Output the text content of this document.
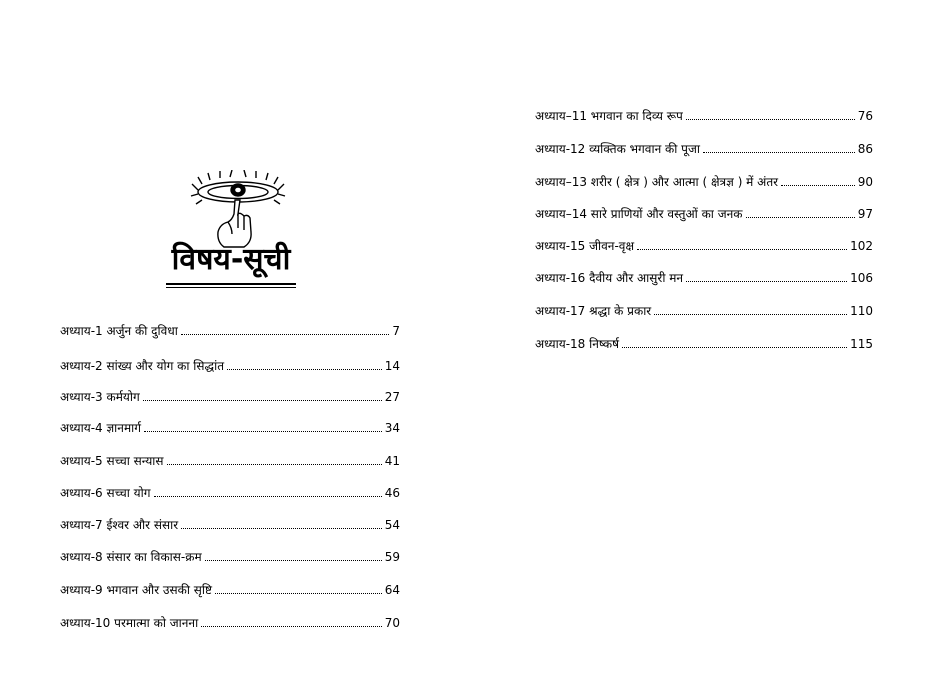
विषय-सूची
अध्याय-1 अर्जुन की दुविधा	7
अध्याय-2 सांख्य और योग का सिद्धांत	14
अध्याय-3 कर्मयोग	27
अध्याय-4 ज्ञानमार्ग	34
अध्याय-5 सच्चा सन्यास	41
अध्याय-6 सच्चा योग	46
अध्याय-7 ईश्वर और संसार	54
अध्याय-8 संसार का विकास-क्रम	59
अध्याय-9 भगवान और उसकी सृष्टि	64
अध्याय-10 परमात्मा को जानना	70
अध्याय–11 भगवान का दिव्य रूप	76
अध्याय-12 व्यक्तिक भगवान की पूजा	86
अध्याय–13 शरीर ( क्षेत्र ) और आत्मा ( क्षेत्रज्ञ ) में अंतर	90
अध्याय–14 सारे प्राणियों और वस्तुओं का जनक	97
अध्याय-15 जीवन-वृक्ष	102
अध्याय-16 दैवीय और आसुरी मन	106
अध्याय-17 श्रद्धा के प्रकार	110
अध्याय-18 निष्कर्ष	115
